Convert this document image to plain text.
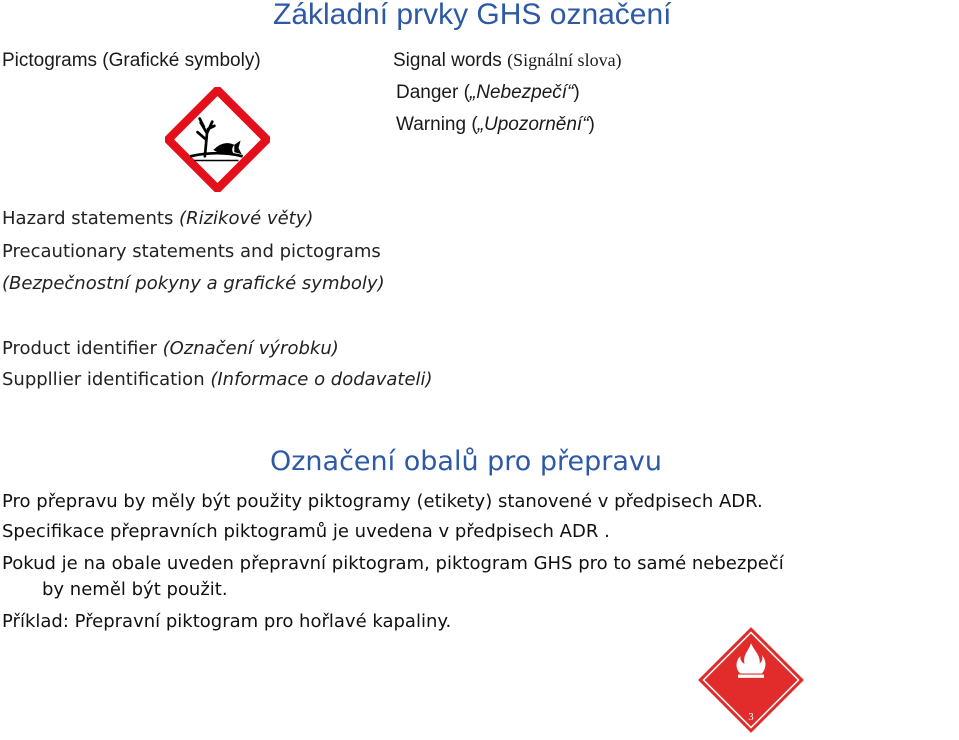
Základní prvky GHS označení
Pictograms (Grafické symboly)	Signal words (Signální slova)
Danger („Nebezpečí“)
Warning („Upozornění“)
Hazard statements (Rizikové věty)
Precautionary statements and pictograms
(Bezpečnostní pokyny a grafické symboly)
Product identifier (Označení výrobku)
Suppllier identification (Informace o dodavateli)
Označení obalů pro přepravu
Pro přepravu by měly být použity piktogramy (etikety) stanovené v předpisech ADR.
Specifikace přepravních piktogramů je uvedena v předpisech ADR .
Pokud je na obale uveden přepravní piktogram, piktogram GHS pro to samé nebezpečí
by neměl být použit.
Příklad: Přepravní piktogram pro hořlavé kapaliny.
3
